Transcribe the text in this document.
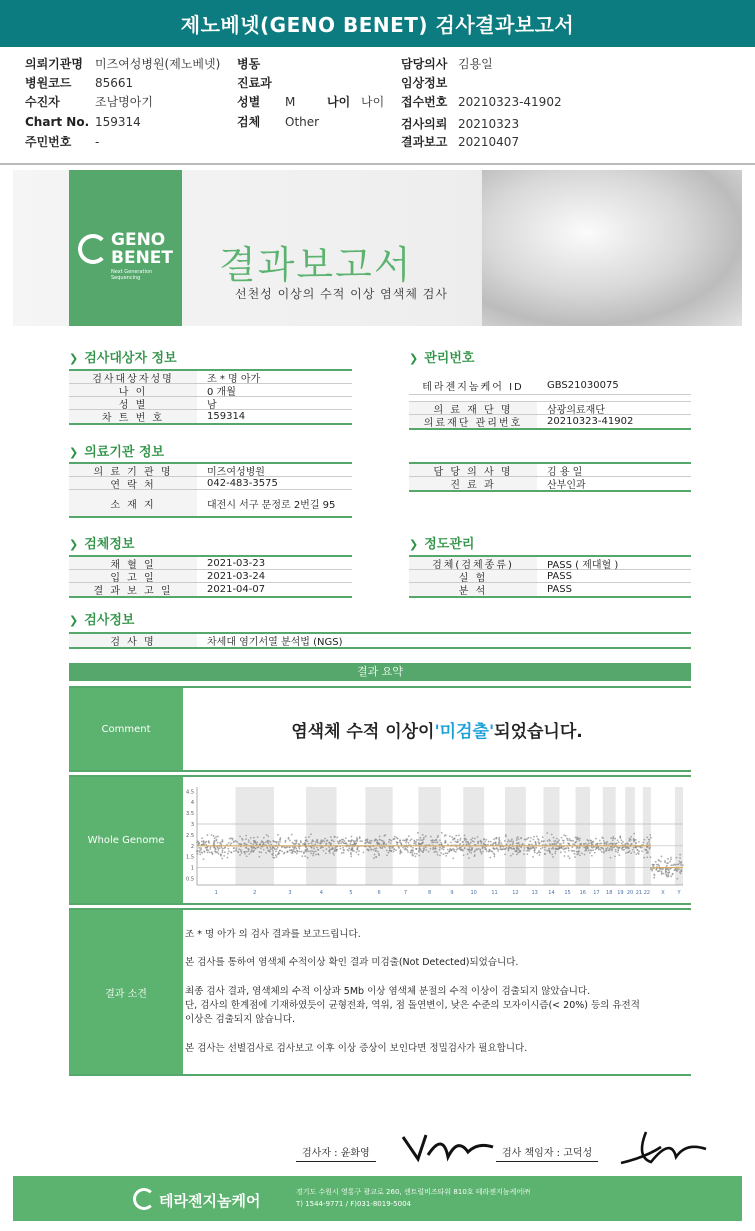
제노베넷(GENO BENET) 검사결과보고서
의뢰기관명 미즈여성병원(제노베넷)
병원코드 85661
수진자	조남명아기
Chart No. 159314
주민번호 -
병동
진료과
성별 M
검체 Other
나이 나이
담당의사 김용일
임상정보
접수번호 20210323-41902
검사의뢰 20210323
결과보고 20210407
GENO
BENET
Next Generation Sequencing	결과보고서
선천성 이상의 수적 이상 염색체 검사
❯ 검사대상자 정보
검사대상자성명	조 * 명 아가
나 이	0 개월
성 별	남
차 트 번 호	159314
❯ 관리번호
테라젠지놈케어 ID	GBS21030075
의 료 재 단 명	삼광의료재단
의료재단 관리번호	20210323-41902
❯ 의료기관 정보
의 료 기 관 명	미즈여성병원
연 락 처	042-483-3575
소 재 지	대전시 서구 문정로 2번길 95
담 당 의 사 명	김 용 일
진 료 과	산부인과
❯ 검체정보
채 혈 일	2021-03-23
입 고 일	2021-03-24
결 과 보 고 일	2021-04-07
❯ 정도관리
검체(검체종류)	PASS ( 제대혈 )
실 험	PASS
분 석	PASS
❯ 검사정보
검 사 명	차세대 염기서열 분석법 (NGS)
결과 요약
Comment	염색체 수적 이상이 '미검출' 되었습니다.
Whole Genome
4.5
4
3.5
3
2.5
2
1.5
1
0.5
1	2	3	4	5	6	7	8	9	10	11	12	13 14 15 16 17 18 19 20 21 22 X	Y
결과 소견

조 * 명 아가 의 검사 결과를 보고드립니다.

본 검사를 통하여 염색체 수적이상 확인 결과 미검출(Not Detected)되었습니다.

최종 검사 결과, 염색체의 수적 이상과 5Mb 이상 염색체 분절의 수적 이상이 검출되지 않았습니다.

단, 검사의 한계점에 기재하였듯이 균형전좌, 역위, 점 돌연변이, 낮은 수준의 모자이시즘(< 20%) 등의 유전적

이상은 검출되지 않습니다.

본 검사는 선별검사로 검사보고 이후 이상 증상이 보인다면 정밀검사가 필요합니다.

검사자 : 윤화영	검사 책임자 : 고덕성
테라젠지놈케어	경기도 수원시 영통구 광교로 260, 센트럴비즈타워 810호 테라젠지놈케어㈜
T) 1544-9771 / F)031-8019-5004
